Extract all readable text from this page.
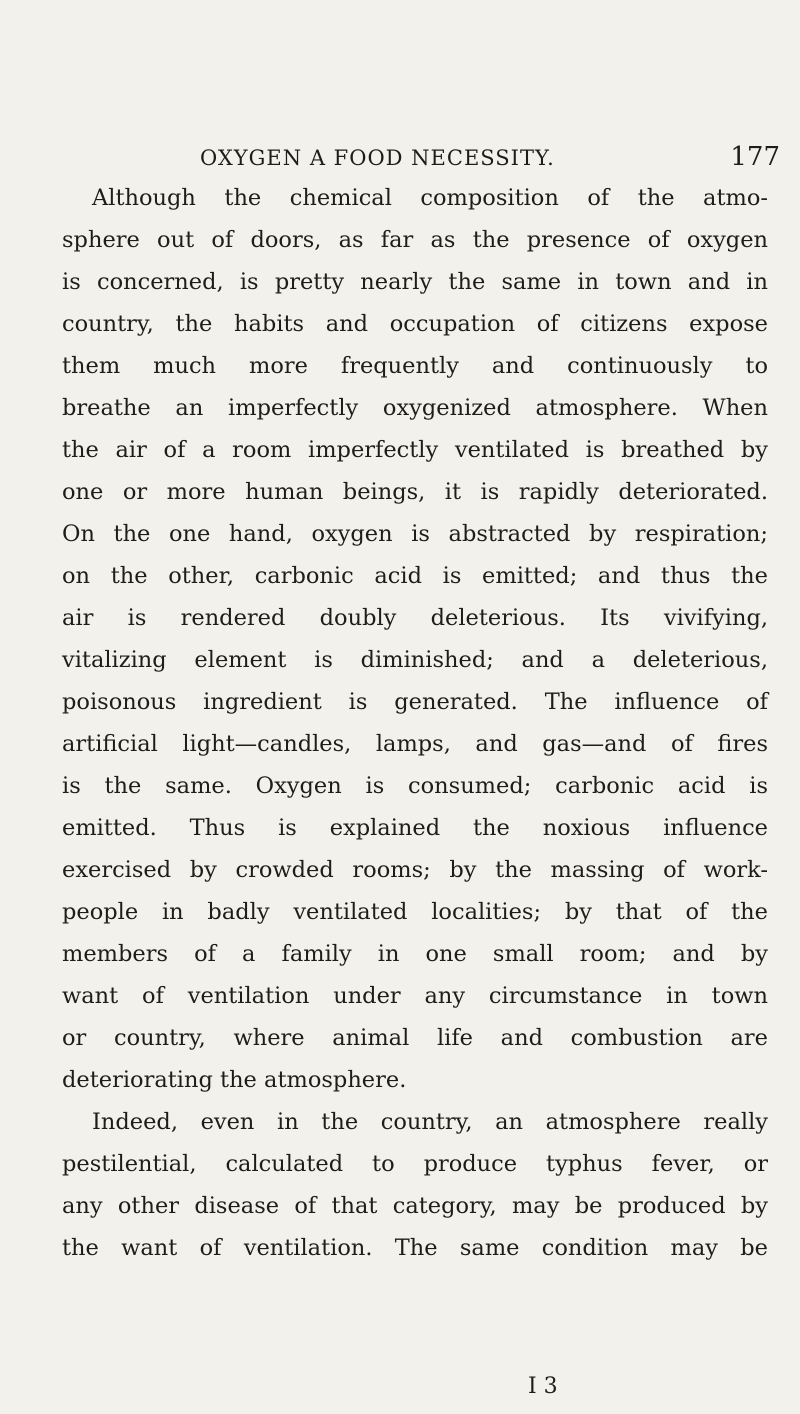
OXYGEN A FOOD NECESSITY.	177
Although the chemical composition of the atmo-
sphere out of doors, as far as the presence of oxygen
is concerned, is pretty nearly the same in town and in
country, the habits and occupation of citizens expose
them much more frequently and continuously to
breathe an imperfectly oxygenized atmosphere. When
the air of a room imperfectly ventilated is breathed by
one or more human beings, it is rapidly deteriorated.
On the one hand, oxygen is abstracted by respiration;
on the other, carbonic acid is emitted; and thus the
air is rendered doubly deleterious. Its vivifying,
vitalizing element is diminished; and a deleterious,
poisonous ingredient is generated. The influence of
artificial light—candles, lamps, and gas—and of fires
is the same. Oxygen is consumed; carbonic acid is
emitted. Thus is explained the noxious influence
exercised by crowded rooms; by the massing of work-
people in badly ventilated localities; by that of the
members of a family in one small room; and by
want of ventilation under any circumstance in town
or country, where animal life and combustion are
deteriorating the atmosphere.
Indeed, even in the country, an atmosphere really
pestilential, calculated to produce typhus fever, or
any other disease of that category, may be produced by
the want of ventilation. The same condition may be
I 3
